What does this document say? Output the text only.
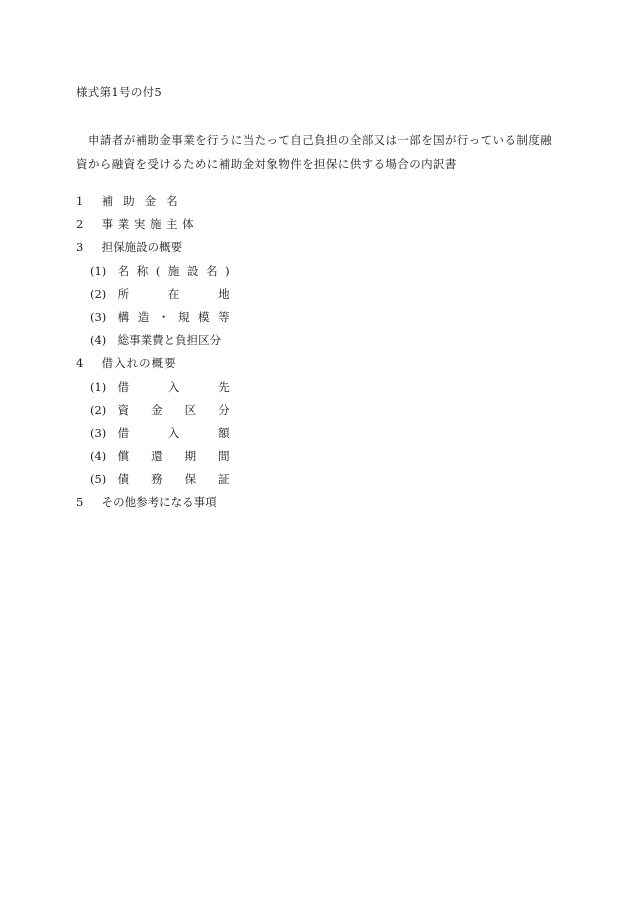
様式第1号の付5
申請者が補助金事業を行うに当たって自己負担の全部又は一部を国が行っている制度融
資から融資を受けるために補助金対象物件を担保に供する場合の内訳書
1 補 助 金 名
2 事 業 実 施 主 体
3 担保施設の概要
(1) 名 称 ( 施 設 名 )
(2) 所	在	地
(3) 構 造 ・ 規 模 等
(4) 総事業費と負担区分
4 借 入 れ の 概 要
(1) 借	入	先
(2) 資 金 区 分
(3) 借	入	額
(4) 償 還 期 間
(5) 債 務 保 証
5 その他参考になる事項
